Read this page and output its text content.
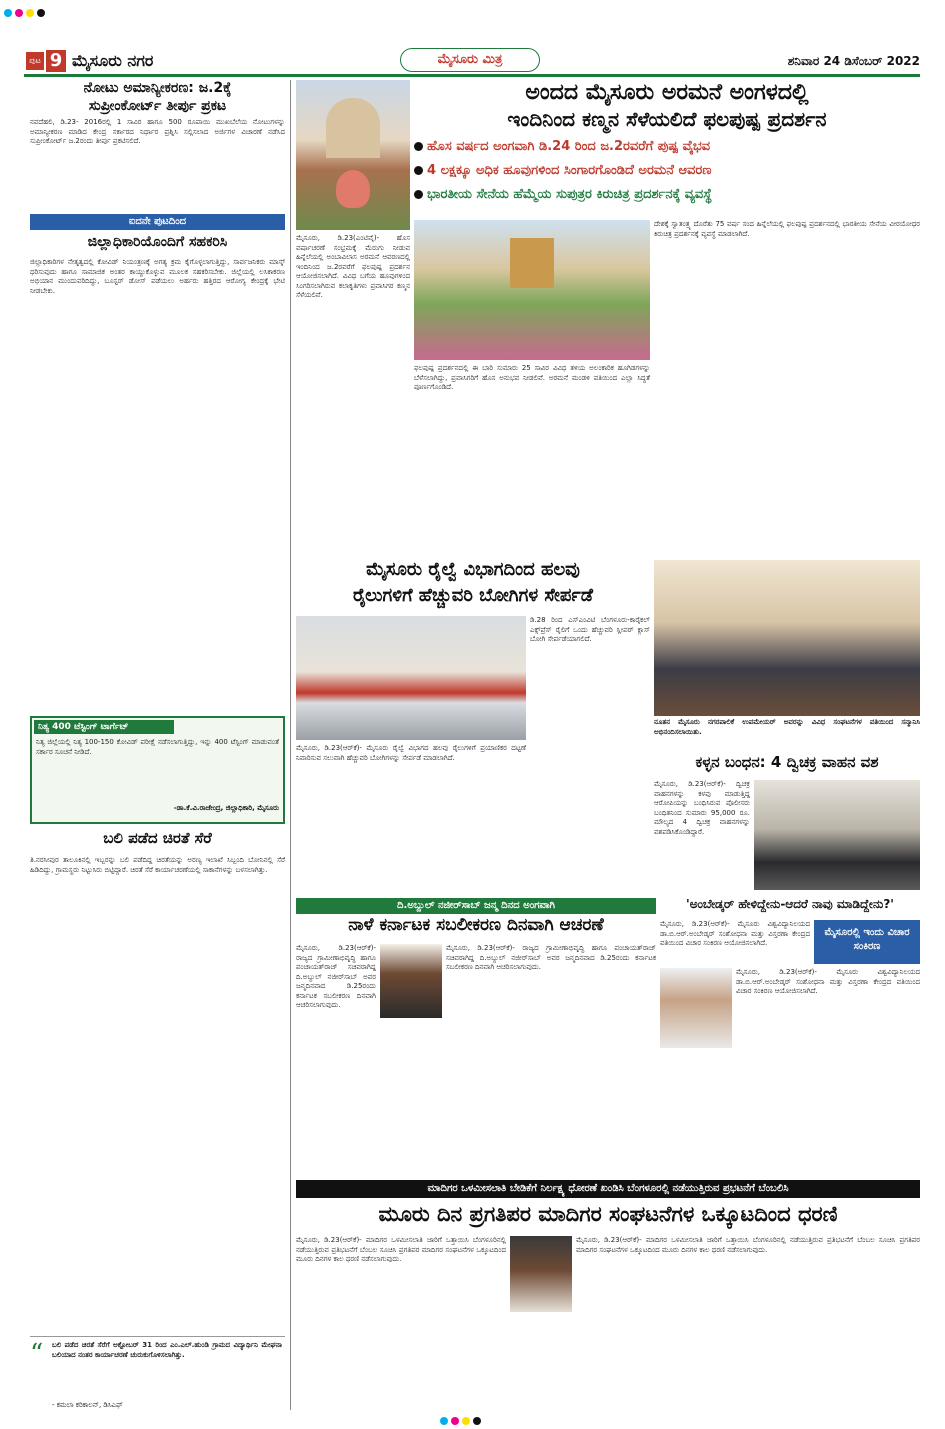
ಪುಟ 9 ಮೈಸೂರು ನಗರ	ಮೈಸೂರು ಮಿತ್ರ	ಶನಿವಾರ 24 ಡಿಸೆಂಬರ್ 2022
ನೋಟು ಅಮಾನ್ಯೀಕರಣ: ಜ.2ಕ್ಕೆ
ಸುಪ್ರೀಂಕೋರ್ಟ್ ತೀರ್ಪು ಪ್ರಕಟ
ನವದೆಹಲಿ, ಡಿ.23- 2016ರಲ್ಲಿ 1 ಸಾವಿರ ಹಾಗೂ 500 ರೂಪಾಯಿ ಮುಖಬೆಲೆಯ ನೋಟುಗಳನ್ನು ಅಮಾನ್ಯೀಕರಣ ಮಾಡಿದ ಕೇಂದ್ರ ಸರ್ಕಾರದ ನಿರ್ಧಾರ ಪ್ರಶ್ನಿಸಿ ಸಲ್ಲಿಸಲಾದ ಅರ್ಜಿಗಳ ವಿಚಾರಣೆ ನಡೆಸಿದ ಸುಪ್ರೀಂಕೋರ್ಟ್ ಜ.2ರಂದು ತೀರ್ಪು ಪ್ರಕಟಿಸಲಿದೆ.
ಐದನೇ ಪುಟದಿಂದ
ಜಿಲ್ಲಾಧಿಕಾರಿಯೊಂದಿಗೆ ಸಹಕರಿಸಿ
ಜಿಲ್ಲಾಧಿಕಾರಿಗಳ ನೇತೃತ್ವದಲ್ಲಿ ಕೋವಿಡ್ ನಿಯಂತ್ರಣಕ್ಕೆ ಅಗತ್ಯ ಕ್ರಮ ಕೈಗೊಳ್ಳಲಾಗುತ್ತಿದ್ದು, ಸಾರ್ವಜನಿಕರು ಮಾಸ್ಕ್ ಧರಿಸುವುದು ಹಾಗೂ ಸಾಮಾಜಿಕ ಅಂತರ ಕಾಯ್ದುಕೊಳ್ಳುವ ಮೂಲಕ ಸಹಕರಿಸಬೇಕು. ಜಿಲ್ಲೆಯಲ್ಲಿ ಲಸಿಕಾಕರಣ ಅಭಿಯಾನ ಮುಂದುವರಿದಿದ್ದು, ಬೂಸ್ಟರ್ ಡೋಸ್ ಪಡೆಯಲು ಅರ್ಹರು ಹತ್ತಿರದ ಆರೋಗ್ಯ ಕೇಂದ್ರಕ್ಕೆ ಭೇಟಿ ನೀಡಬೇಕು.
ನಿತ್ಯ 400 ಟೆಸ್ಟಿಂಗ್ ಟಾರ್ಗೆಟ್
ನಿತ್ಯ ಜಿಲ್ಲೆಯಲ್ಲಿ ನಿತ್ಯ 100-150 ಕೋವಿಡ್ ಪರೀಕ್ಷೆ ನಡೆಸಲಾಗುತ್ತಿದ್ದು, ಇನ್ನು 400 ಟೆಸ್ಟಿಂಗ್ ಮಾಡುವಂತೆ ಸರ್ಕಾರ ಸೂಚನೆ ನೀಡಿದೆ.
-ಡಾ.ಕೆ.ವಿ.ರಾಜೇಂದ್ರ, ಜಿಲ್ಲಾಧಿಕಾರಿ, ಮೈಸೂರು
ಬಲಿ ಪಡೆದ ಚಿರತೆ ಸೆರೆ
ತಿ.ನರಸೀಪುರ ತಾಲೂಕಿನಲ್ಲಿ ಇಬ್ಬರನ್ನು ಬಲಿ ಪಡೆದಿದ್ದ ಚಿರತೆಯನ್ನು ಅರಣ್ಯ ಇಲಾಖೆ ಸಿಬ್ಬಂದಿ ಬೋನಿನಲ್ಲಿ ಸೆರೆ ಹಿಡಿದಿದ್ದು, ಗ್ರಾಮಸ್ಥರು ನಿಟ್ಟುಸಿರು ಬಿಟ್ಟಿದ್ದಾರೆ. ಚಿರತೆ ಸೆರೆ ಕಾರ್ಯಾಚರಣೆಯಲ್ಲಿ ಸಾಕಾನೆಗಳನ್ನು ಬಳಸಲಾಗಿತ್ತು.
“ ಬಲಿ ಪಡೆದ ಚಿರತೆ ಸೆರೆಗೆ ಅಕ್ಟೋಬರ್ 31 ರಿಂದ ಎಂ.ಎಲ್.ಹುಂಡಿ ಗ್ರಾಮದ ವಿದ್ಯಾರ್ಥಿನಿ ಮೇಘನಾ ಬಲಿಯಾದ ನಂತರ ಕಾರ್ಯಾಚರಣೆ ಚುರುಕುಗೊಳಿಸಲಾಗಿತ್ತು.
- ಕಮಲಾ ಕರಿಕಾಲನ್, ಡಿಸಿಎಫ್
ಅಂದದ ಮೈಸೂರು ಅರಮನೆ ಅಂಗಳದಲ್ಲಿ
ಇಂದಿನಿಂದ ಕಣ್ಮನ ಸೆಳೆಯಲಿದೆ ಫಲಪುಷ್ಪ ಪ್ರದರ್ಶನ
ಹೊಸ ವರ್ಷದ ಅಂಗವಾಗಿ ಡಿ.24 ರಿಂದ ಜ.2ರವರೆಗೆ ಪುಷ್ಪ ವೈಭವ
4 ಲಕ್ಷಕ್ಕೂ ಅಧಿಕ ಹೂವುಗಳಿಂದ ಸಿಂಗಾರಗೊಂಡಿದೆ ಅರಮನೆ ಆವರಣ
ಭಾರತೀಯ ಸೇನೆಯ ಹೆಮ್ಮೆಯ ಸುಪುತ್ರರ ಕಿರುಚಿತ್ರ ಪ್ರದರ್ಶನಕ್ಕೆ ವ್ಯವಸ್ಥೆ
ಮೈಸೂರು, ಡಿ.23(ಎಂಟಿವೈ)- ಹೊಸ ವರ್ಷಾಚರಣೆ ಸಂಭ್ರಮಕ್ಕೆ ಮೆರುಗು ನೀಡುವ ಹಿನ್ನೆಲೆಯಲ್ಲಿ ಅಂಬಾವಿಲಾಸ ಅರಮನೆ ಆವರಣದಲ್ಲಿ ಇಂದಿನಿಂದ ಜ.2ರವರೆಗೆ ಫಲಪುಷ್ಪ ಪ್ರದರ್ಶನ ಆಯೋಜಿಸಲಾಗಿದೆ. ವಿವಿಧ ಬಗೆಯ ಹೂವುಗಳಿಂದ ಸಿಂಗರಿಸಲಾಗಿರುವ ಕಲಾಕೃತಿಗಳು ಪ್ರವಾಸಿಗರ ಕಣ್ಮನ ಸೆಳೆಯಲಿವೆ.
ಫಲಪುಷ್ಪ ಪ್ರದರ್ಶನದಲ್ಲಿ ಈ ಬಾರಿ ಸುಮಾರು 25 ಸಾವಿರ ವಿವಿಧ ತಳಿಯ ಅಲಂಕಾರಿಕ ಹೂಗಿಡಗಳನ್ನು ಬೆಳೆಸಲಾಗಿದ್ದು, ಪ್ರವಾಸಿಗರಿಗೆ ಹೊಸ ಅನುಭವ ನೀಡಲಿವೆ. ಅರಮನೆ ಮಂಡಳಿ ವತಿಯಿಂದ ಎಲ್ಲಾ ಸಿದ್ಧತೆ ಪೂರ್ಣಗೊಂಡಿದೆ.
ದೇಶಕ್ಕೆ ಸ್ವಾತಂತ್ರ್ಯ ದೊರೆತು 75 ವರ್ಷ ಸಂದ ಹಿನ್ನೆಲೆಯಲ್ಲಿ ಫಲಪುಷ್ಪ ಪ್ರದರ್ಶನದಲ್ಲಿ ಭಾರತೀಯ ಸೇನೆಯ ವೀರಯೋಧರ ಕಿರುಚಿತ್ರ ಪ್ರದರ್ಶನಕ್ಕೆ ವ್ಯವಸ್ಥೆ ಮಾಡಲಾಗಿದೆ.
ಮೈಸೂರು ರೈಲ್ವೆ ವಿಭಾಗದಿಂದ ಹಲವು
ರೈಲುಗಳಿಗೆ ಹೆಚ್ಚುವರಿ ಬೋಗಿಗಳ ಸೇರ್ಪಡೆ
ಮೈಸೂರು, ಡಿ.23(ಆರ್‌ಕೆ)- ಮೈಸೂರು ರೈಲ್ವೆ ವಿಭಾಗದ ಹಲವು ರೈಲುಗಳಿಗೆ ಪ್ರಯಾಣಿಕರ ದಟ್ಟಣೆ ನಿವಾರಿಸುವ ಸಲುವಾಗಿ ಹೆಚ್ಚುವರಿ ಬೋಗಿಗಳನ್ನು ಸೇರ್ಪಡೆ ಮಾಡಲಾಗಿದೆ.
ಡಿ.28 ರಿಂದ ಎಸ್‌ಎಂವಿಟಿ ಬೆಂಗಳೂರು-ಕಾರೈಕಲ್ ಎಕ್ಸ್‌ಪ್ರೆಸ್ ರೈಲಿಗೆ ಒಂದು ಹೆಚ್ಚುವರಿ ಸ್ಲೀಪರ್ ಕ್ಲಾಸ್ ಬೋಗಿ ಸೇರ್ಪಡೆಯಾಗಲಿದೆ.
ನೂತನ ಮೈಸೂರು ನಗರಪಾಲಿಕೆ ಉಪಮೇಯರ್ ಅವರನ್ನು ವಿವಿಧ ಸಂಘಟನೆಗಳ ವತಿಯಿಂದ ಸನ್ಮಾನಿಸಿ ಅಭಿನಂದಿಸಲಾಯಿತು.
ಕಳ್ಳನ ಬಂಧನ: 4 ದ್ವಿಚಕ್ರ ವಾಹನ ವಶ
ಮೈಸೂರು, ಡಿ.23(ಆರ್‌ಕೆ)- ದ್ವಿಚಕ್ರ ವಾಹನಗಳನ್ನು ಕಳವು ಮಾಡುತ್ತಿದ್ದ ಆರೋಪಿಯನ್ನು ಬಂಧಿಸಿರುವ ಪೊಲೀಸರು ಬಂಧಿತನಿಂದ ಸುಮಾರು 95,000 ರೂ. ಮೌಲ್ಯದ 4 ದ್ವಿಚಕ್ರ ವಾಹನಗಳನ್ನು ವಶಪಡಿಸಿಕೊಂಡಿದ್ದಾರೆ.
ದಿ.ಅಬ್ದುಲ್ ನಜೀರ್‌ಸಾಬ್ ಜನ್ಮ ದಿನದ ಅಂಗವಾಗಿ
ನಾಳೆ ಕರ್ನಾಟಕ ಸಬಲೀಕರಣ ದಿನವಾಗಿ ಆಚರಣೆ
ಮೈಸೂರು, ಡಿ.23(ಆರ್‌ಕೆ)- ರಾಜ್ಯದ ಗ್ರಾಮೀಣಾಭಿವೃದ್ಧಿ ಹಾಗೂ ಪಂಚಾಯತ್‌ರಾಜ್ ಸಚಿವರಾಗಿದ್ದ ದಿ.ಅಬ್ದುಲ್ ನಜೀರ್‌ಸಾಬ್ ಅವರ ಜನ್ಮದಿನವಾದ ಡಿ.25ರಂದು ಕರ್ನಾಟಕ ಸಬಲೀಕರಣ ದಿನವಾಗಿ ಆಚರಿಸಲಾಗುವುದು.
ಮೈಸೂರು, ಡಿ.23(ಆರ್‌ಕೆ)- ರಾಜ್ಯದ ಗ್ರಾಮೀಣಾಭಿವೃದ್ಧಿ ಹಾಗೂ ಪಂಚಾಯತ್‌ರಾಜ್ ಸಚಿವರಾಗಿದ್ದ ದಿ.ಅಬ್ದುಲ್ ನಜೀರ್‌ಸಾಬ್ ಅವರ ಜನ್ಮದಿನವಾದ ಡಿ.25ರಂದು ಕರ್ನಾಟಕ ಸಬಲೀಕರಣ ದಿನವಾಗಿ ಆಚರಿಸಲಾಗುವುದು.
'ಅಂಬೇಡ್ಕರ್ ಹೇಳಿದ್ದೇನು-ಆದರೆ ನಾವು ಮಾಡಿದ್ದೇನು?'
ಮೈಸೂರು, ಡಿ.23(ಆರ್‌ಕೆ)- ಮೈಸೂರು ವಿಶ್ವವಿದ್ಯಾನಿಲಯದ ಡಾ.ಬಿ.ಆರ್.ಅಂಬೇಡ್ಕರ್ ಸಂಶೋಧನಾ ಮತ್ತು ವಿಸ್ತರಣಾ ಕೇಂದ್ರದ ವತಿಯಿಂದ ವಿಚಾರ ಸಂಕಿರಣ ಆಯೋಜಿಸಲಾಗಿದೆ.
ಮೈಸೂರಲ್ಲಿ ಇಂದು ವಿಚಾರ ಸಂಕಿರಣ
ಮೈಸೂರು, ಡಿ.23(ಆರ್‌ಕೆ)- ಮೈಸೂರು ವಿಶ್ವವಿದ್ಯಾನಿಲಯದ ಡಾ.ಬಿ.ಆರ್.ಅಂಬೇಡ್ಕರ್ ಸಂಶೋಧನಾ ಮತ್ತು ವಿಸ್ತರಣಾ ಕೇಂದ್ರದ ವತಿಯಿಂದ ವಿಚಾರ ಸಂಕಿರಣ ಆಯೋಜಿಸಲಾಗಿದೆ.
ಮಾದಿಗರ ಒಳಮೀಸಲಾತಿ ಬೇಡಿಕೆಗೆ ನಿರ್ಲಕ್ಷ್ಯ ಧೋರಣೆ ಖಂಡಿಸಿ ಬೆಂಗಳೂರಲ್ಲಿ ನಡೆಯುತ್ತಿರುವ ಪ್ರಭಟನೆಗೆ ಬೆಂಬಲಿಸಿ
ಮೂರು ದಿನ ಪ್ರಗತಿಪರ ಮಾದಿಗರ ಸಂಘಟನೆಗಳ ಒಕ್ಕೂಟದಿಂದ ಧರಣಿ
ಮೈಸೂರು, ಡಿ.23(ಆರ್‌ಕೆ)- ಮಾದಿಗರ ಒಳಮೀಸಲಾತಿ ಜಾರಿಗೆ ಒತ್ತಾಯಿಸಿ ಬೆಂಗಳೂರಿನಲ್ಲಿ ನಡೆಯುತ್ತಿರುವ ಪ್ರತಿಭಟನೆಗೆ ಬೆಂಬಲ ಸೂಚಿಸಿ ಪ್ರಗತಿಪರ ಮಾದಿಗರ ಸಂಘಟನೆಗಳ ಒಕ್ಕೂಟದಿಂದ ಮೂರು ದಿನಗಳ ಕಾಲ ಧರಣಿ ನಡೆಸಲಾಗುವುದು.
ಮೈಸೂರು, ಡಿ.23(ಆರ್‌ಕೆ)- ಮಾದಿಗರ ಒಳಮೀಸಲಾತಿ ಜಾರಿಗೆ ಒತ್ತಾಯಿಸಿ ಬೆಂಗಳೂರಿನಲ್ಲಿ ನಡೆಯುತ್ತಿರುವ ಪ್ರತಿಭಟನೆಗೆ ಬೆಂಬಲ ಸೂಚಿಸಿ ಪ್ರಗತಿಪರ ಮಾದಿಗರ ಸಂಘಟನೆಗಳ ಒಕ್ಕೂಟದಿಂದ ಮೂರು ದಿನಗಳ ಕಾಲ ಧರಣಿ ನಡೆಸಲಾಗುವುದು.
